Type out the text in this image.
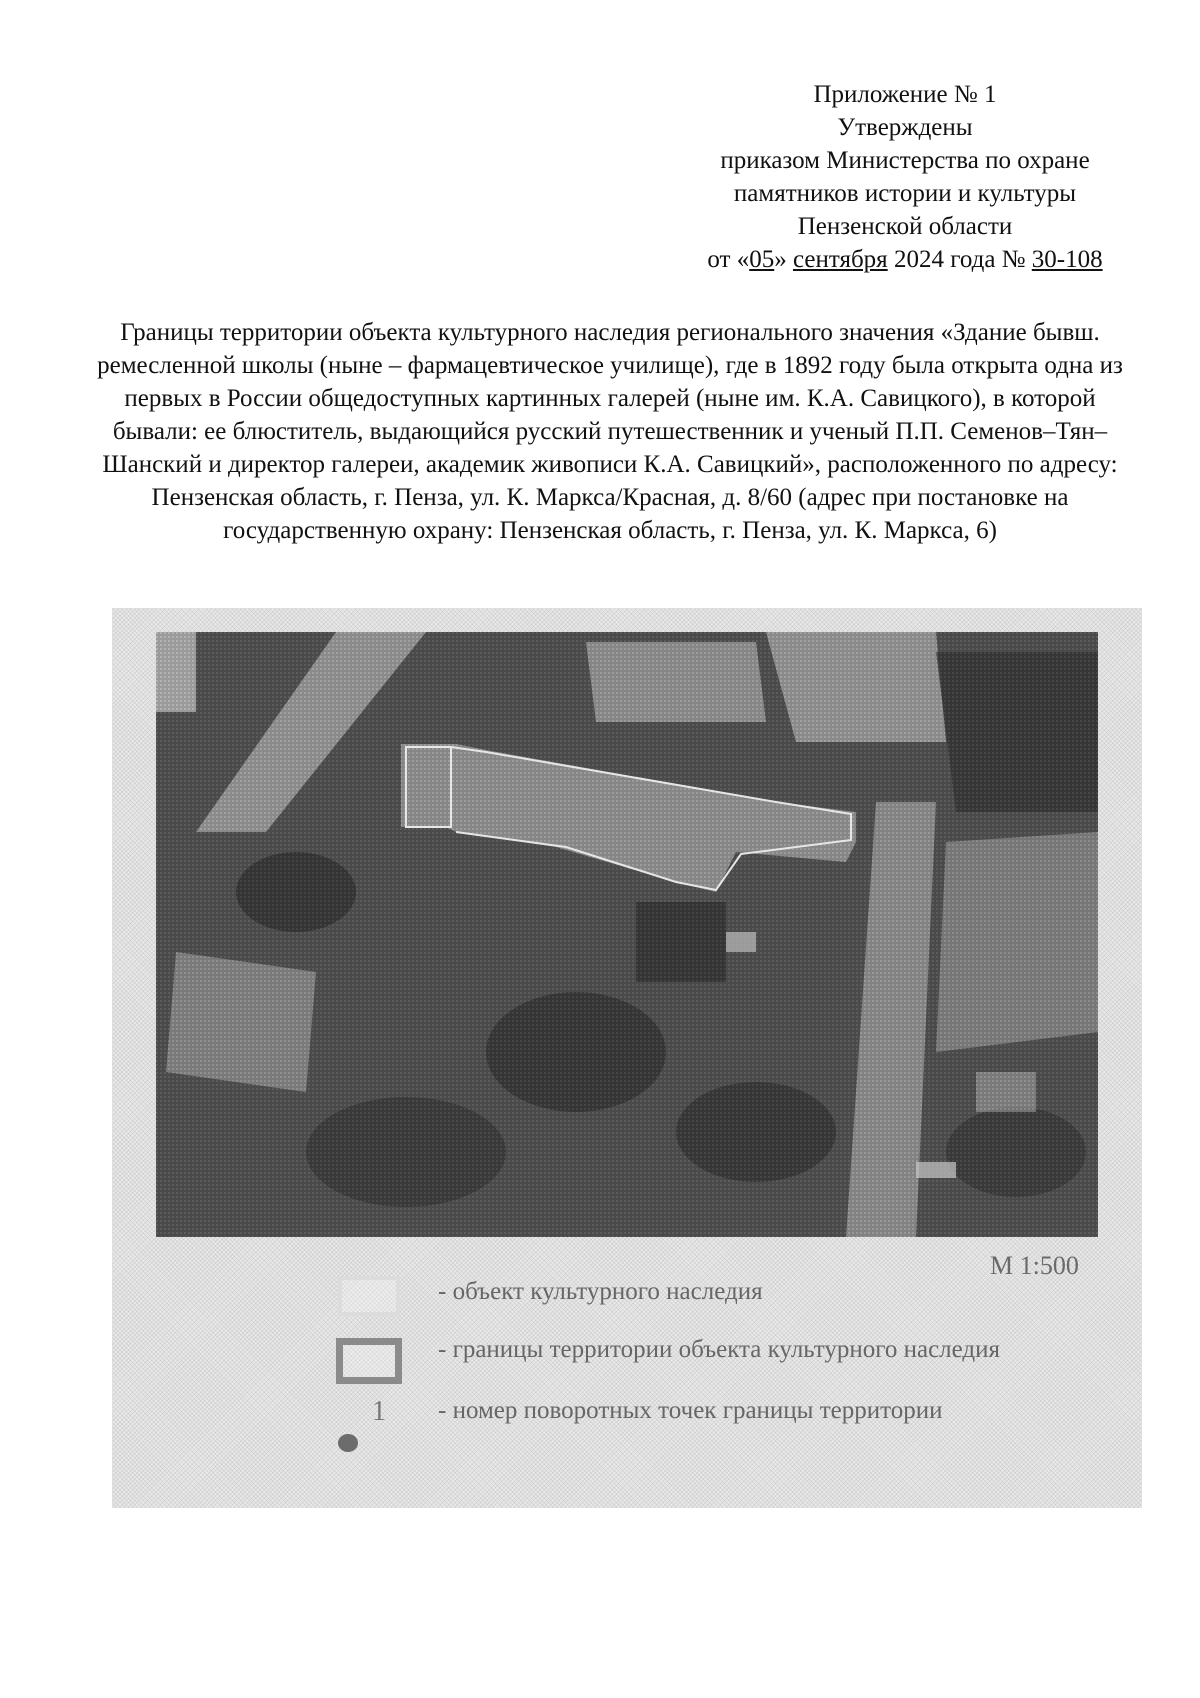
Приложение № 1
Утверждены
приказом Министерства по охране
памятников истории и культуры
Пензенской области
от «05» сентября 2024 года № 30-108
Границы территории объекта культурного наследия регионального значения «Здание бывш. ремесленной школы (ныне – фармацевтическое училище), где в 1892 году была открыта одна из первых в России общедоступных картинных галерей (ныне им. К.А. Савицкого), в которой бывали: ее блюститель, выдающийся русский путешественник и ученый П.П. Семенов–Тян–Шанский и директор галереи, академик живописи К.А. Савицкий», расположенного по адресу: Пензенская область, г. Пенза, ул. К. Маркса/Красная, д. 8/60 (адрес при постановке на государственную охрану: Пензенская область, г. Пенза, ул. К. Маркса, 6)
М 1:500
- объект культурного наследия
- границы территории объекта культурного наследия
1 - номер поворотных точек границы территории
